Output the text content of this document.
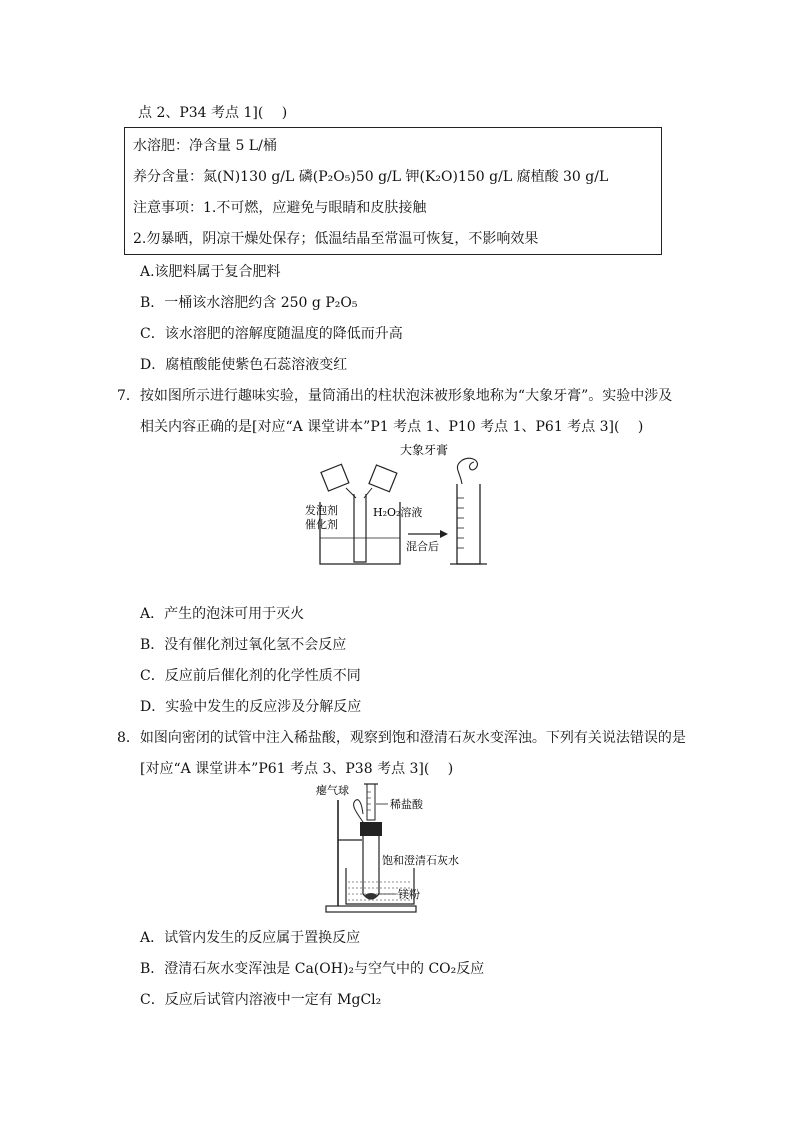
点 2、P34 考点 1](　 )
水溶肥：净含量 5 L/桶
养分含量：氮(N)130 g/L 磷(P₂O₅)50 g/L 钾(K₂O)150 g/L 腐植酸 30 g/L
注意事项：1.不可燃，应避免与眼睛和皮肤接触
2.勿暴晒，阴凉干燥处保存；低温结晶至常温可恢复，不影响效果
A.该肥料属于复合肥料
B．一桶该水溶肥约含 250 g P₂O₅
C．该水溶肥的溶解度随温度的降低而升高
D．腐植酸能使紫色石蕊溶液变红
7．按如图所示进行趣味实验，量筒涌出的柱状泡沫被形象地称为“大象牙膏”。实验中涉及
相关内容正确的是[对应“A 课堂讲本”P1 考点 1、P10 考点 1、P61 考点 3](　 )
发泡剂
催化剂
H₂O₂溶液
混合后
大象牙膏
A．产生的泡沫可用于灭火
B．没有催化剂过氧化氢不会反应
C．反应前后催化剂的化学性质不同
D．实验中发生的反应涉及分解反应
8．如图向密闭的试管中注入稀盐酸，观察到饱和澄清石灰水变浑浊。下列有关说法错误的是
[对应“A 课堂讲本”P61 考点 3、P38 考点 3](　 )
瘪气球
稀盐酸
饱和澄清石灰水
镁粉
A．试管内发生的反应属于置换反应
B．澄清石灰水变浑浊是 Ca(OH)₂与空气中的 CO₂反应
C．反应后试管内溶液中一定有 MgCl₂
